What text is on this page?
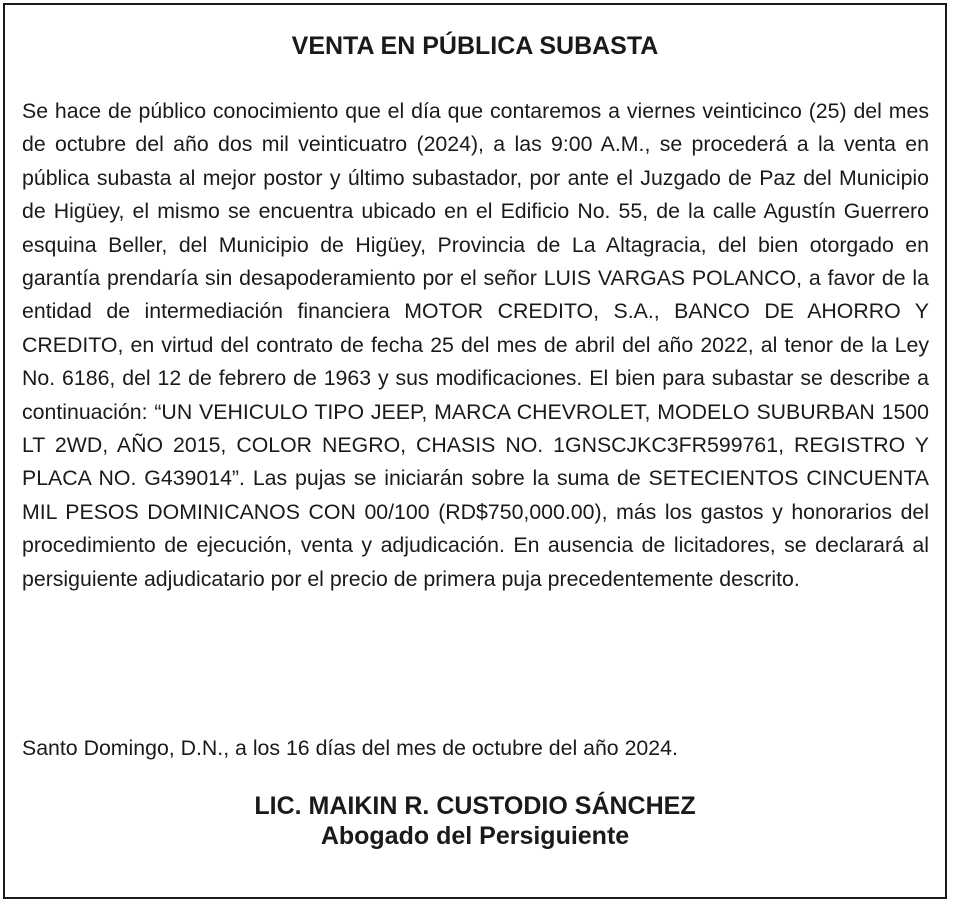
VENTA EN PÚBLICA SUBASTA

Se hace de público conocimiento que el día que contaremos a viernes veinticinco (25) del mes de octubre del año dos mil veinticuatro (2024), a las 9:00 A.M., se procederá a la venta en pública subasta al mejor postor y último subastador, por ante el Juzgado de Paz del Municipio de Higüey, el mismo se encuentra ubicado en el Edificio No. 55, de la calle Agustín Guerrero esquina Beller, del Municipio de Higüey, Provincia de La Altagracia, del bien otorgado en garantía prendaría sin desapoderamiento por el señor LUIS VARGAS POLANCO, a favor de la entidad de intermediación financiera MOTOR CREDITO, S.A., BANCO DE AHORRO Y CREDITO, en virtud del contrato de fecha 25 del mes de abril del año 2022, al tenor de la Ley No. 6186, del 12 de febrero de 1963 y sus modificaciones. El bien para subastar se describe a continuación: “UN VEHICULO TIPO JEEP, MARCA CHEVROLET, MODELO SUBURBAN 1500 LT 2WD, AÑO 2015, COLOR NEGRO, CHASIS NO. 1GNSCJKC3FR599761, REGISTRO Y PLACA NO. G439014”. Las pujas se iniciarán sobre la suma de SETECIENTOS CINCUENTA MIL PESOS DOMINICANOS CON 00/100 (RD$750,000.00), más los gastos y honorarios del procedimiento de ejecución, venta y adjudicación. En ausencia de licitadores, se declarará al persiguiente adjudicatario por el precio de primera puja precedentemente descrito.

Santo Domingo, D.N., a los 16 días del mes de octubre del año 2024.

LIC. MAIKIN R. CUSTODIO SÁNCHEZ
Abogado del Persiguiente
